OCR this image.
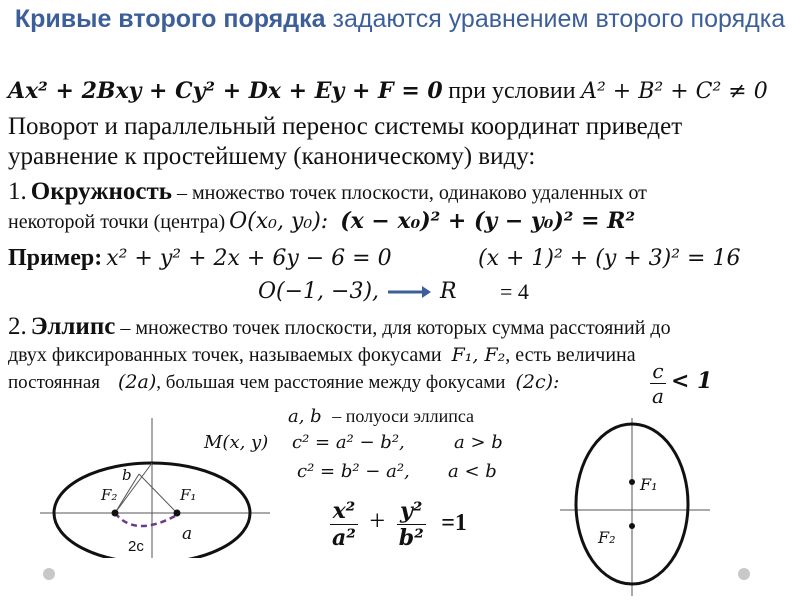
Кривые второго порядка задаются уравнением второго порядка
Ax² + 2Bxy + Cy² + Dx + Ey + F = 0 при условии A² + B² + C² ≠ 0
Поворот и параллельный перенос системы координат приведет
уравнение к простейшему (каноническому) виду:
1. Окружность – множество точек плоскости, одинаково удаленных от
некоторой точки (центра) O(x₀, y₀): (x − x₀)² + (y − y₀)² = R²
Пример: x² + y² + 2x + 6y − 6 = 0	(x + 1)² + (y + 3)² = 16
O(−1, −3),	R = 4
2. Эллипс – множество точек плоскости, для которых сумма расстояний до
двух фиксированных точек, называемых фокусами F₁, F₂, есть величина
постоянная (2a), большая чем расстояние между фокусами (2c):	$\frac{c}{a} < 1$
a, b – полуоси эллипса
M(x, y) c² = a² − b²,	a > b
c² = b² − a², a < b
$\frac{\text{x²}}{\text{a²}} + \frac{\text{y²}}{\text{b²}} =1$
b
F₂	F₁
a
2c
F₁
F₂
